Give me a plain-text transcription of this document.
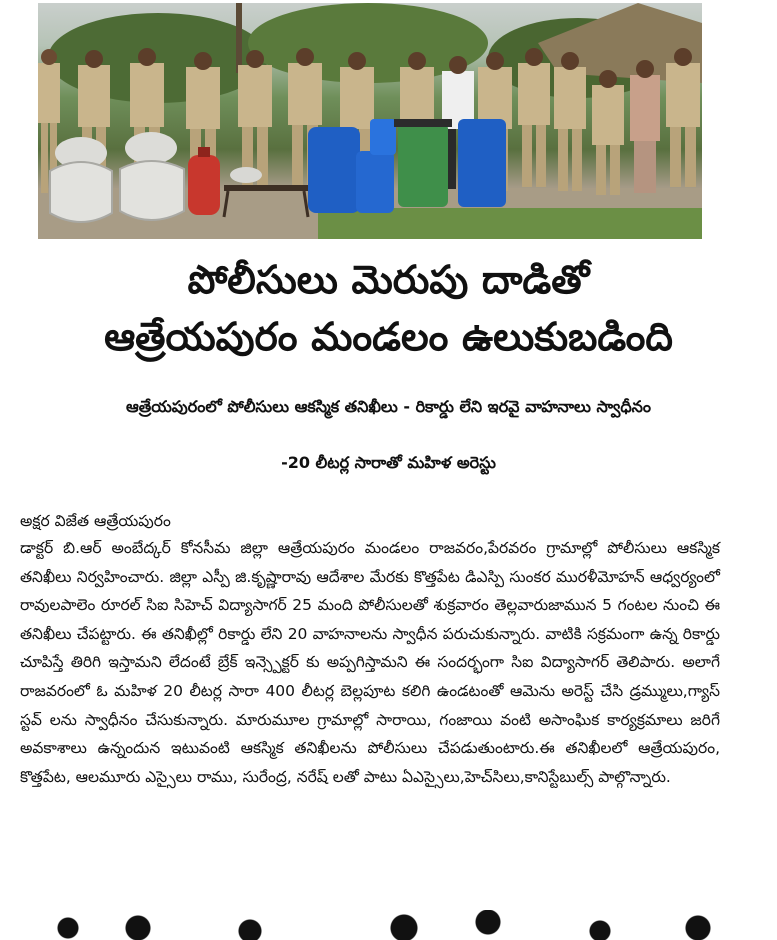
పోలీసులు మెరుపు దాడితో
ఆత్రేయపురం మండలం ఉలుకుబడింది

ఆత్రేయపురంలో పోలీసులు ఆకస్మిక తనిఖీలు - రికార్డు లేని ఇరవై వాహనాలు స్వాధీనం

-20 లీటర్ల సారాతో మహిళ అరెస్టు

అక్షర విజేత ఆత్రేయపురం

డాక్టర్ బి.ఆర్ అంబేద్కర్ కోనసీమ జిల్లా ఆత్రేయపురం మండలం రాజవరం,పేరవరం గ్రామాల్లో పోలీసులు ఆకస్మిక తనిఖీలు నిర్వహించారు. జిల్లా ఎస్పీ జి.కృష్ణారావు ఆదేశాల మేరకు కొత్తపేట డిఎస్పి సుంకర మురళీమోహన్ ఆధ్వర్యంలో రావులపాలెం రూరల్ సిఐ సిహెచ్ విద్యాసాగర్ 25 మంది పోలీసులతో శుక్రవారం తెల్లవారుజామున 5 గంటల నుంచి ఈ తనిఖీలు చేపట్టారు. ఈ తనిఖీల్లో రికార్డు లేని 20 వాహనాలను స్వాధీన పరుచుకున్నారు. వాటికి సక్రమంగా ఉన్న రికార్డు చూపిస్తే తిరిగి ఇస్తామని లేదంటే బ్రేక్ ఇన్స్పెక్టర్ కు అప్పగిస్తామని ఈ సందర్భంగా సిఐ విద్యాసాగర్ తెలిపారు. అలాగే రాజవరంలో ఓ మహిళ 20 లీటర్ల సారా 400 లీటర్ల బెల్లపూట కలిగి ఉండటంతో ఆమెను అరెస్ట్ చేసి డ్రమ్ములు,గ్యాస్ స్టవ్ లను స్వాధీనం చేసుకున్నారు. మారుమూల గ్రామాల్లో సారాయి, గంజాయి వంటి అసాంఘిక కార్యక్రమాలు జరిగే అవకాశాలు ఉన్నందున ఇటువంటి ఆకస్మిక తనిఖీలను పోలీసులు చేపడుతుంటారు.ఈ తనిఖీలలో ఆత్రేయపురం, కొత్తపేట, ఆలమూరు ఎస్సైలు రాము, సురేంద్ర, నరేష్ లతో పాటు ఏఎస్సైలు,హెచ్‌సిలు,కానిస్టేబుల్స్ పాల్గొన్నారు.
